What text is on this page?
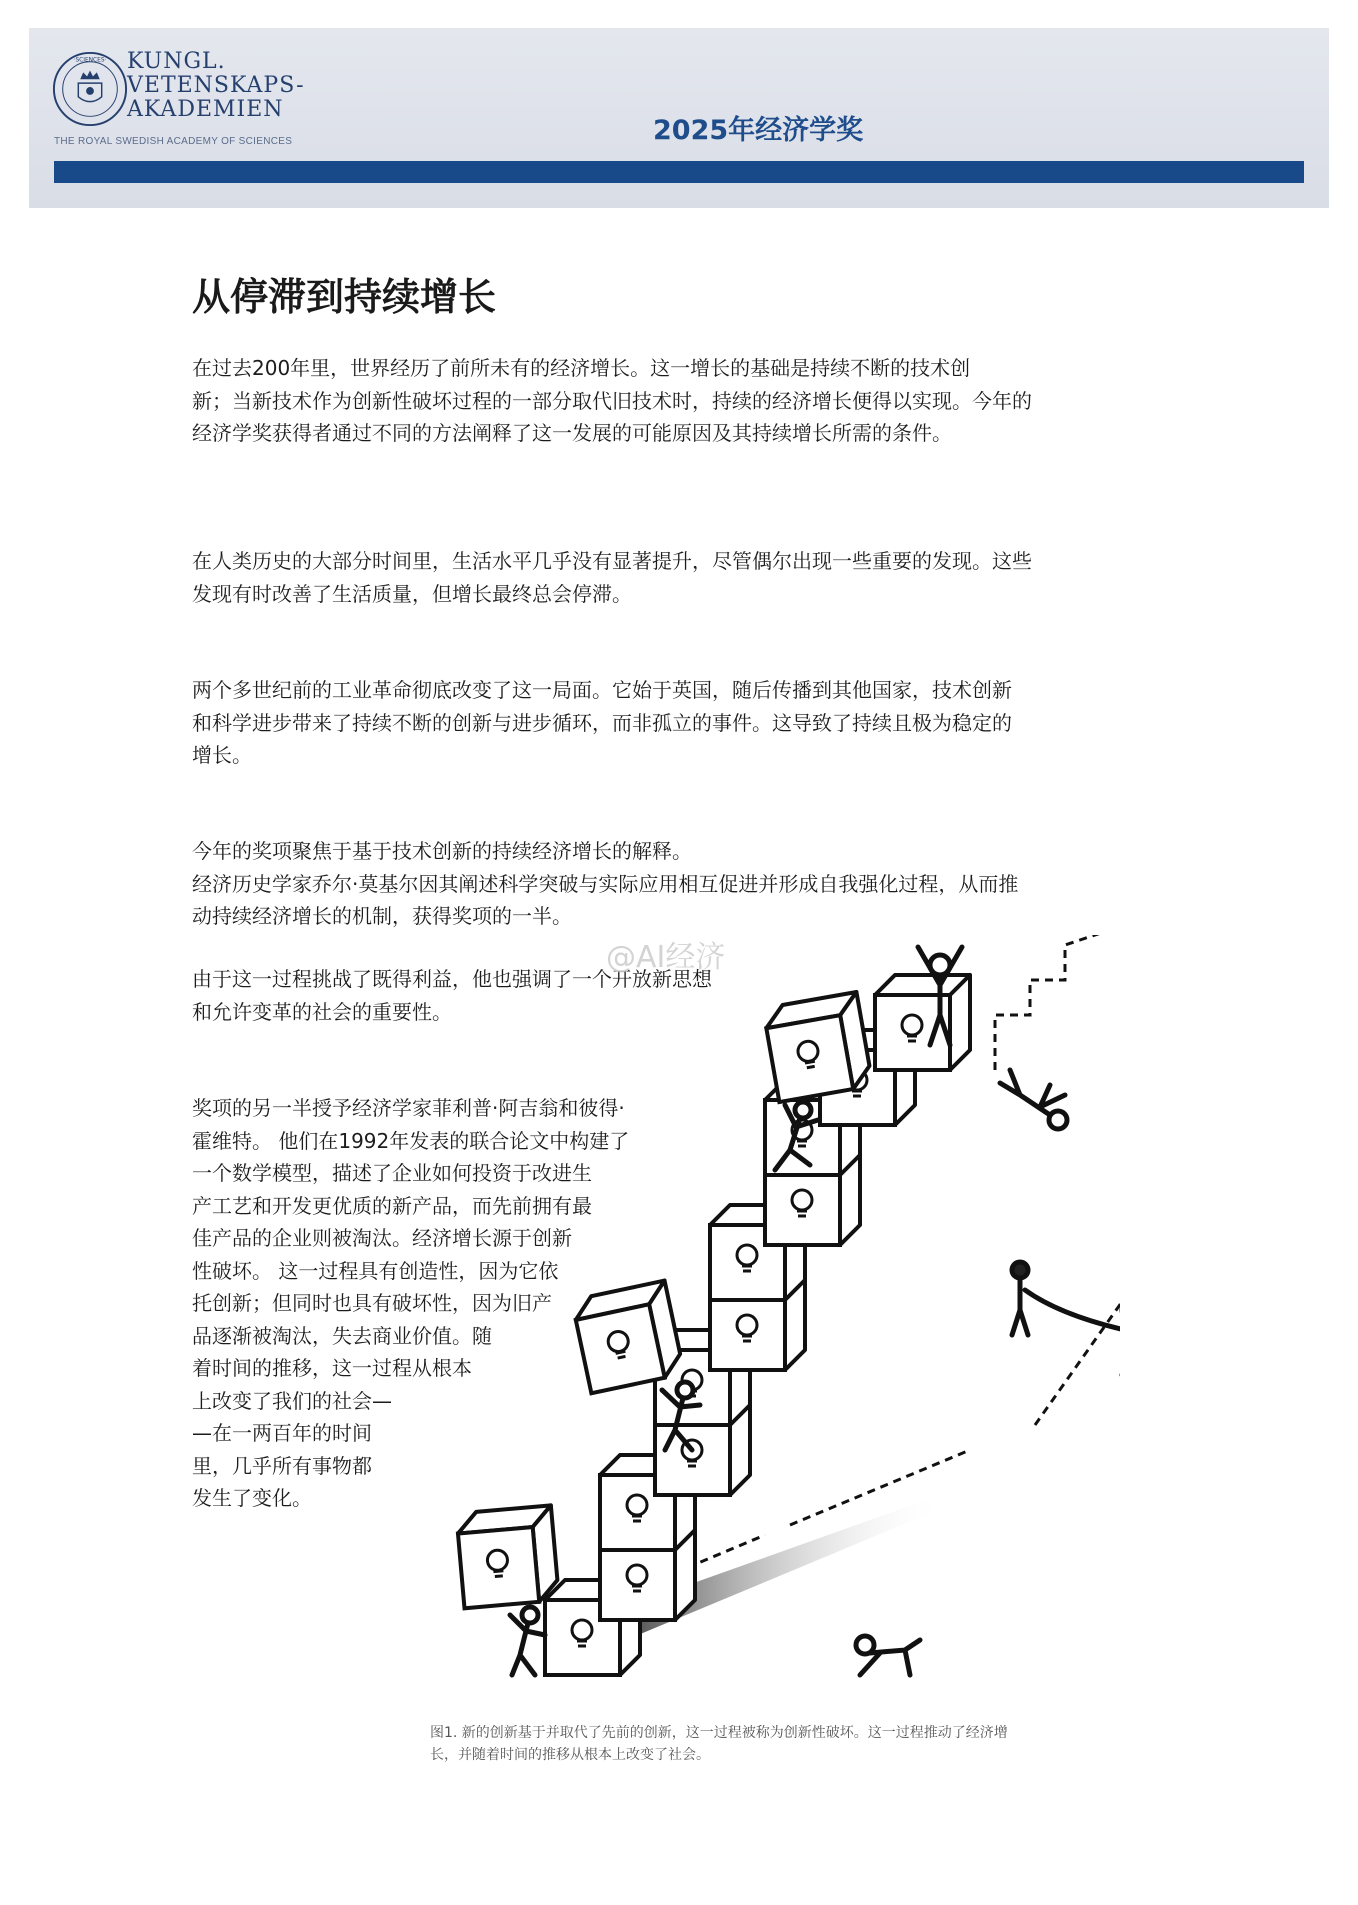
·SCIENCES· KUNGL.
VETENSKAPS-
AKADEMIEN
THE ROYAL SWEDISH ACADEMY OF SCIENCES	2025年经济学奖
从停滞到持续增长

在过去200年里，世界经历了前所未有的经济增长。这一增长的基础是持续不断的技术创
新；当新技术作为创新性破坏过程的一部分取代旧技术时，持续的经济增长便得以实现。今年的
经济学奖获得者通过不同的方法阐释了这一发展的可能原因及其持续增长所需的条件。

在人类历史的大部分时间里，生活水平几乎没有显著提升，尽管偶尔出现一些重要的发现。这些
发现有时改善了生活质量，但增长最终总会停滞。

两个多世纪前的工业革命彻底改变了这一局面。它始于英国，随后传播到其他国家，技术创新
和科学进步带来了持续不断的创新与进步循环，而非孤立的事件。这导致了持续且极为稳定的
增长。

今年的奖项聚焦于基于技术创新的持续经济增长的解释。
经济历史学家乔尔·莫基尔因其阐述科学突破与实际应用相互促进并形成自我强化过程，从而推
动持续经济增长的机制，获得奖项的一半。

由于这一过程挑战了既得利益，他也强调了一个开放新思想
和允许变革的社会的重要性。

奖项的另一半授予经济学家菲利普·阿吉翁和彼得·
霍维特。 他们在1992年发表的联合论文中构建了
一个数学模型，描述了企业如何投资于改进生
产工艺和开发更优质的新产品，而先前拥有最
佳产品的企业则被淘汰。经济增长源于创新
性破坏。 这一过程具有创造性，因为它依
托创新；但同时也具有破坏性，因为旧产
品逐渐被淘汰，失去商业价值。随
着时间的推移，这一过程从根本
上改变了我们的社会—
—在一两百年的时间
里，几乎所有事物都
发生了变化。

@AI经济

图1. 新的创新基于并取代了先前的创新，这一过程被称为创新性破坏。这一过程推动了经济增
长，并随着时间的推移从根本上改变了社会。
